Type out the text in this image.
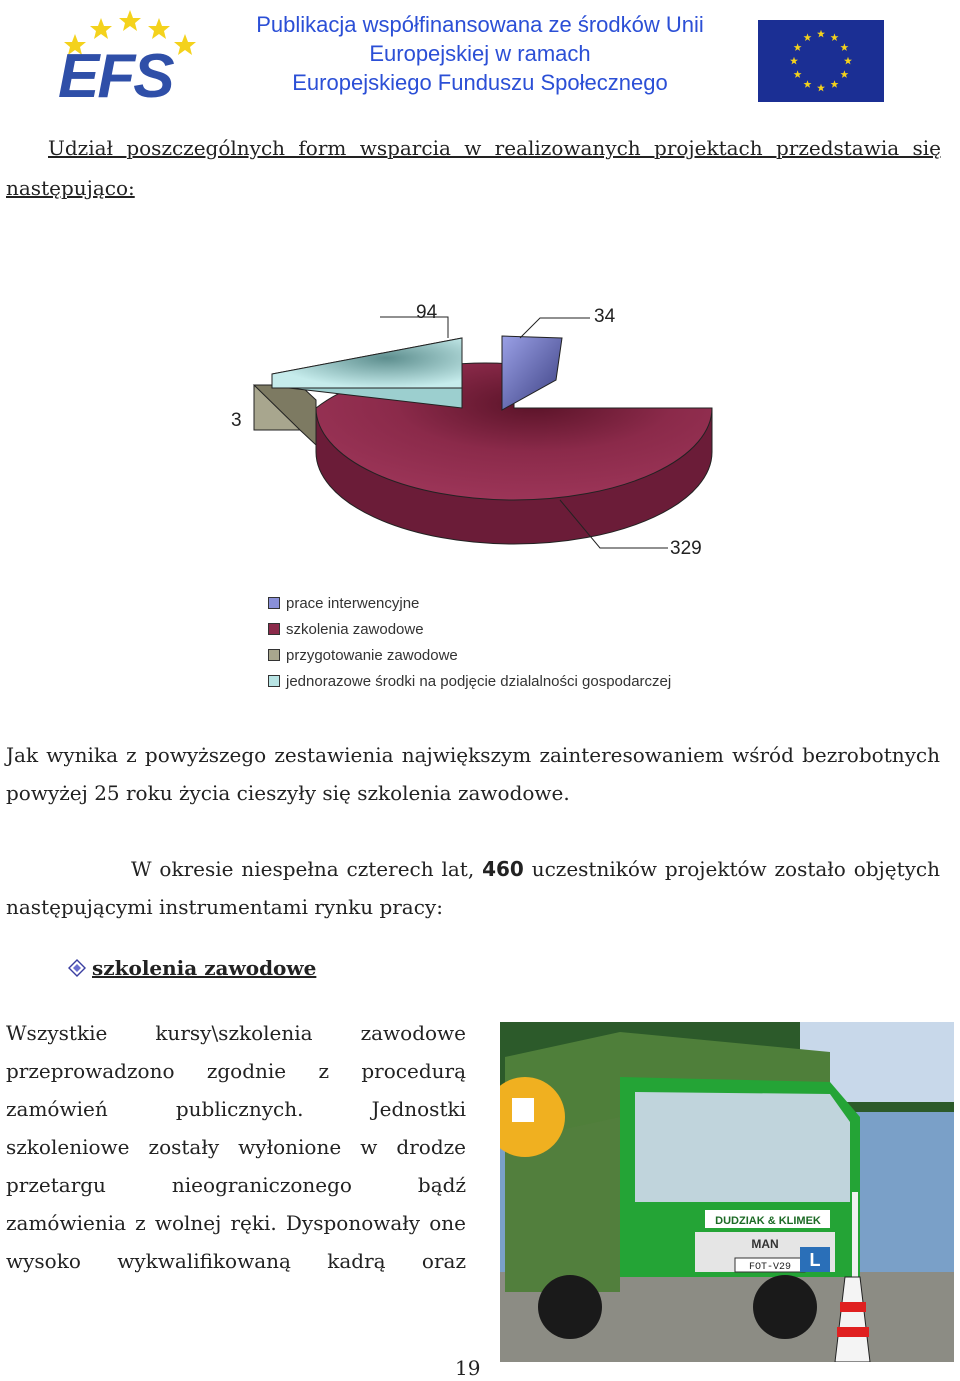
EFS
Publikacja współfinansowana ze środków Unii
Europejskiej w ramach
Europejskiego Funduszu Społecznego
Udział poszczególnych form wsparcia w realizowanych projektach przedstawia się
następująco:
94	34
3
329
prace interwencyjne
szkolenia zawodowe
przygotowanie zawodowe
jednorazowe środki na podjęcie dzialalności gospodarczej
Jak wynika z powyższego zestawienia największym zainteresowaniem wśród bezrobotnych powyżej 25 roku życia cieszyły się szkolenia zawodowe.
W okresie niespełna czterech lat, 460 uczestników projektów zostało objętych następującymi instrumentami rynku pracy:
szkolenia zawodowe
Wszystkie kursy\szkolenia zawodowe przeprowadzono zgodnie z procedurą zamówień publicznych. Jednostki szkoleniowe zostały wyłonione w drodze przetargu nieograniczonego bądź zamówienia z wolnej ręki. Dysponowały one wysoko wykwalifikowaną kadrą oraz
DUDZIAK & KLIMEK
MAN
FOT-V29 L
19
